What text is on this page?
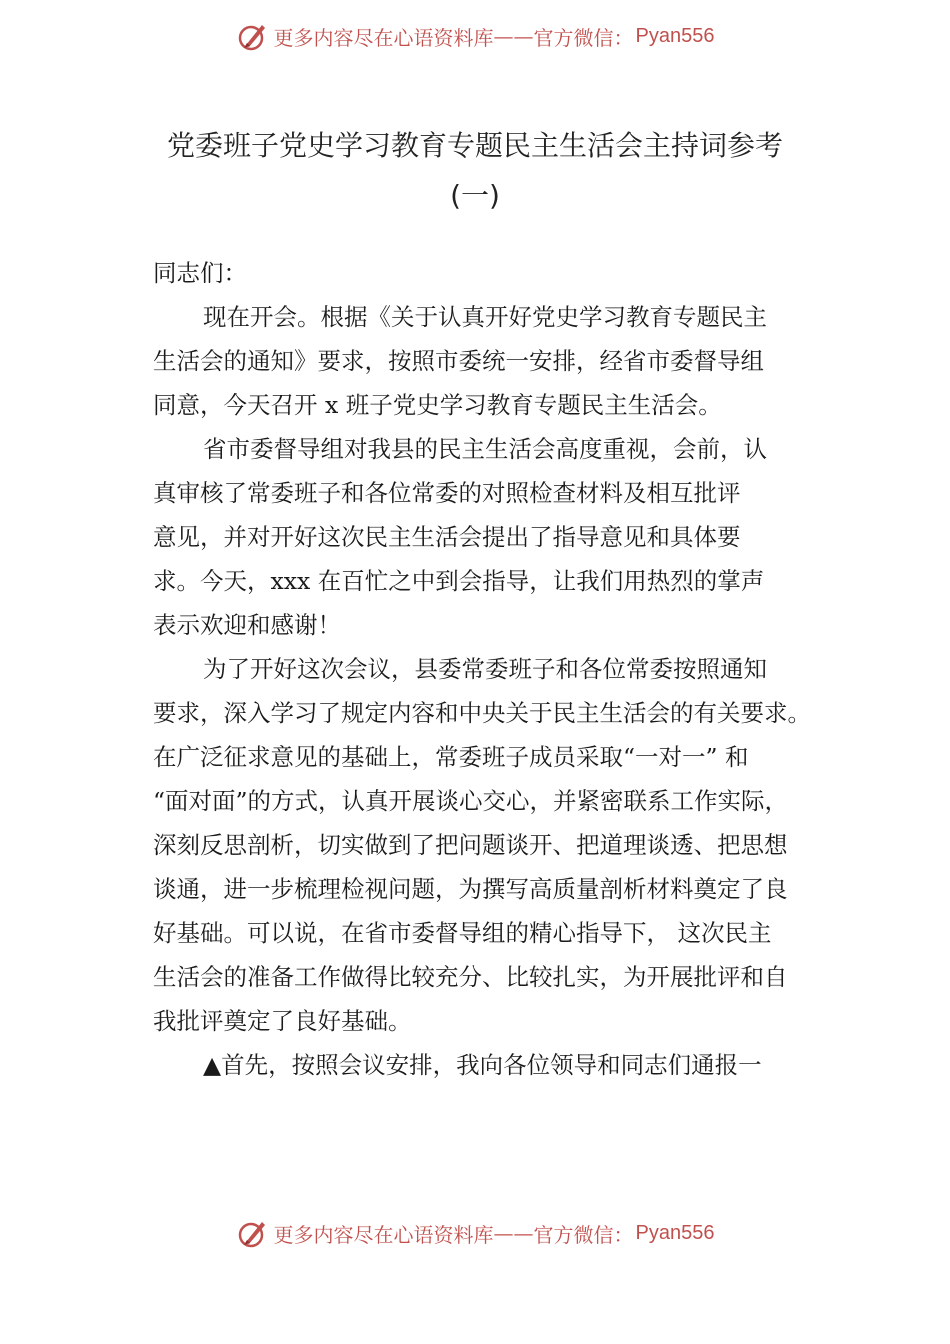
更多内容尽在心语资料库 —— 官方微信： Pyan556
党委班子党史学习教育专题民主生活会主持词参考
(一)
同志们：
现在开会。根据《关于认真开好党史学习教育专题民主
生活会的通知》要求，按照市委统一安排，经省市委督导组
同意，今天召开 x 班子党史学习教育专题民主生活会。
省市委督导组对我县的民主生活会高度重视，会前，认
真审核了常委班子和各位常委的对照检查材料及相互批评
意见，并对开好这次民主生活会提出了指导意见和具体要
求。今天，xxx 在百忙之中到会指导，让我们用热烈的掌声
表示欢迎和感谢！
为了开好这次会议，县委常委班子和各位常委按照通知
要求，深入学习了规定内容和中央关于民主生活会的有关要求。
在广泛征求意见的基础上，常委班子成员采取“一对一” 和
“面对面”的方式，认真开展谈心交心，并紧密联系工作实际，
深刻反思剖析，切实做到了把问题谈开、把道理谈透、把思想
谈通，进一步梳理检视问题，为撰写高质量剖析材料奠定了良
好基础。可以说，在省市委督导组的精心指导下， 这次民主
生活会的准备工作做得比较充分、比较扎实，为开展批评和自
我批评奠定了良好基础。
▲首先，按照会议安排，我向各位领导和同志们通报一
更多内容尽在心语资料库 —— 官方微信： Pyan556
